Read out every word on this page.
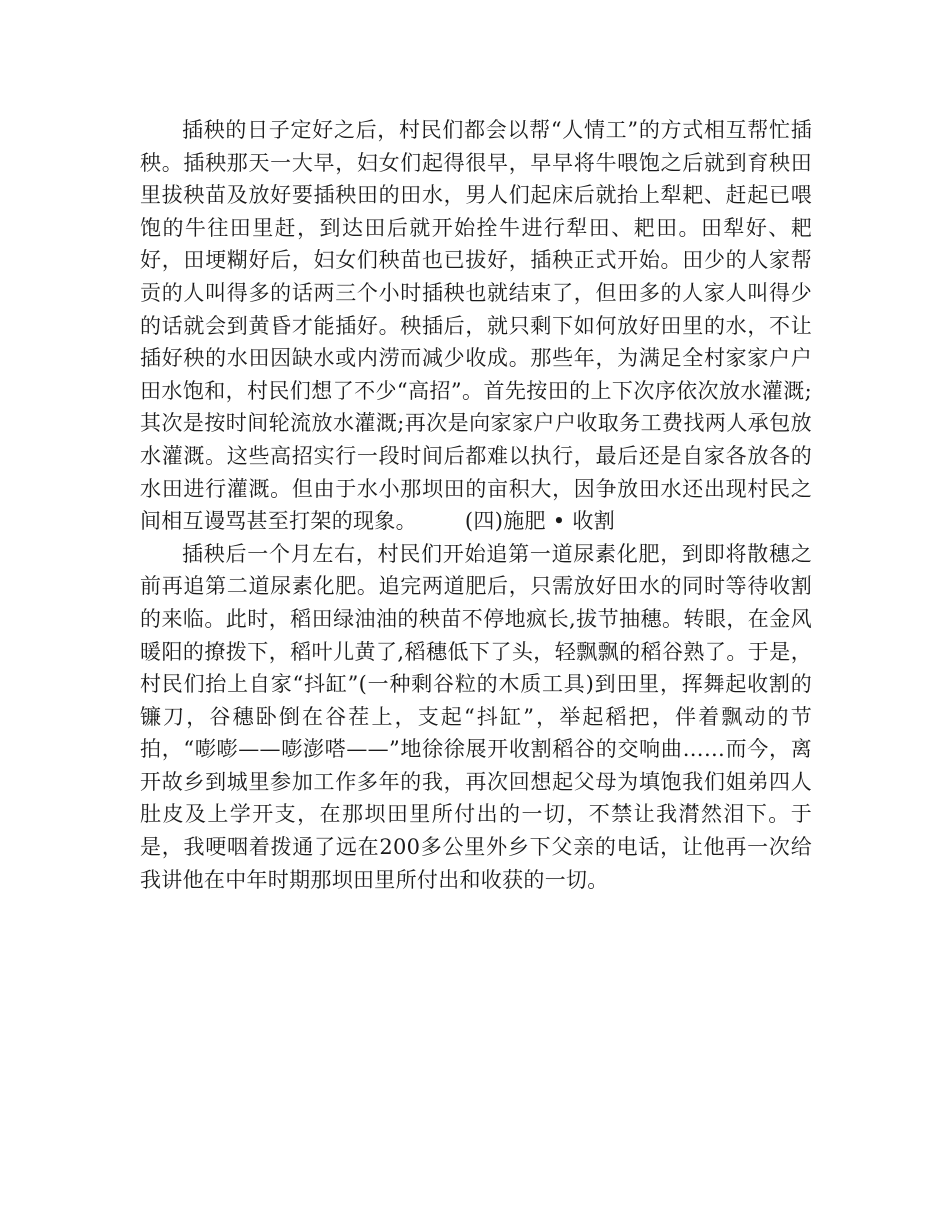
插秧的日子定好之后，村民们都会以帮“人情工”的方式相互帮忙插秧。插秧那天一大早，妇女们起得很早，早早将牛喂饱之后就到育秧田里拔秧苗及放好要插秧田的田水，男人们起床后就抬上犁耙、赶起已喂饱的牛往田里赶，到达田后就开始拴牛进行犁田、耙田。田犁好、耙好，田埂糊好后，妇女们秧苗也已拔好，插秧正式开始。田少的人家帮贡的人叫得多的话两三个小时插秧也就结束了，但田多的人家人叫得少的话就会到黄昏才能插好。秧插后，就只剩下如何放好田里的水，不让插好秧的水田因缺水或内涝而减少收成。那些年，为满足全村家家户户田水饱和，村民们想了不少“高招”。首先按田的上下次序依次放水灌溉;其次是按时间轮流放水灌溉;再次是向家家户户收取务工费找两人承包放水灌溉。这些高招实行一段时间后都难以执行，最后还是自家各放各的水田进行灌溉。但由于水小那坝田的亩积大，因争放田水还出现村民之间相互谩骂甚至打架的现象。 (四)施肥 • 收割

插秧后一个月左右，村民们开始追第一道尿素化肥，到即将散穗之前再追第二道尿素化肥。追完两道肥后，只需放好田水的同时等待收割的来临。此时，稻田绿油油的秧苗不停地疯长,拔节抽穗。转眼，在金风暖阳的撩拨下，稻叶儿黄了,稻穗低下了头，轻飘飘的稻谷熟了。于是，村民们抬上自家“抖缸”(一种剩谷粒的木质工具)到田里，挥舞起收割的镰刀，谷穗卧倒在谷茬上，支起“抖缸”，举起稻把，伴着飘动的节拍，“嘭嘭——嘭澎嗒——”地徐徐展开收割稻谷的交响曲……而今，离开故乡到城里参加工作多年的我，再次回想起父母为填饱我们姐弟四人肚皮及上学开支，在那坝田里所付出的一切，不禁让我潸然泪下。于是，我哽咽着拨通了远在200多公里外乡下父亲的电话，让他再一次给我讲他在中年时期那坝田里所付出和收获的一切。
